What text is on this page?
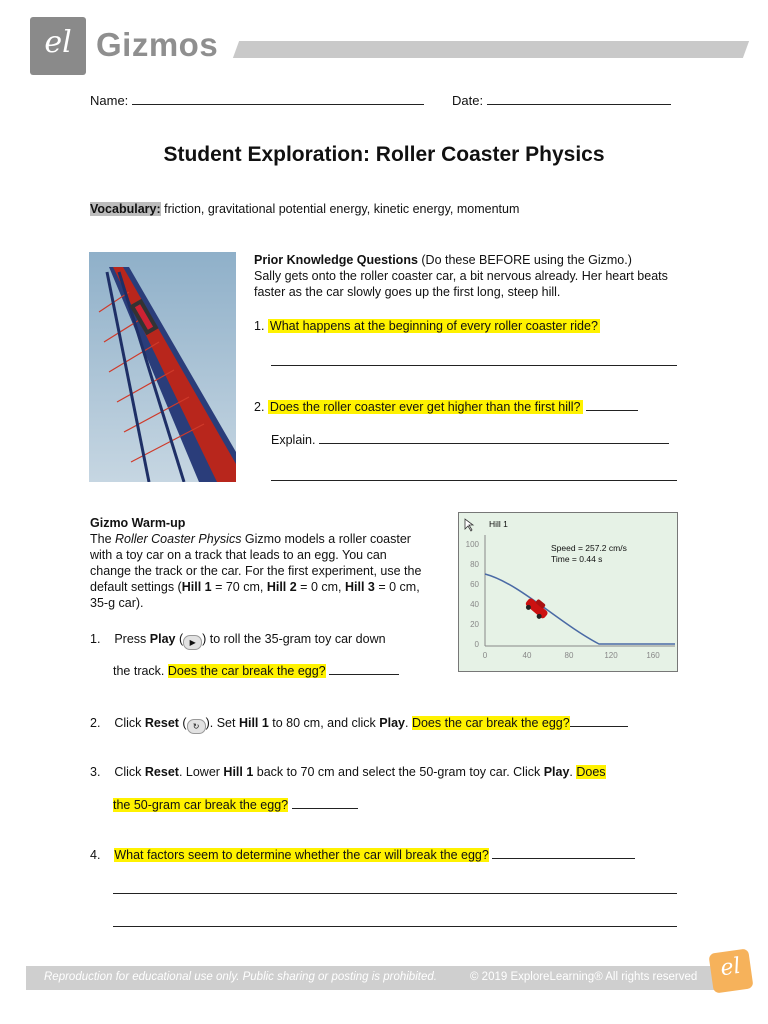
el Gizmos
Name:	Date:
Student Exploration: Roller Coaster Physics
Vocabulary: friction, gravitational potential energy, kinetic energy, momentum
Prior Knowledge Questions (Do these BEFORE using the Gizmo.)
Sally gets onto the roller coaster car, a bit nervous already. Her heart beats faster as the car slowly goes up the first long, steep hill.
1. What happens at the beginning of every roller coaster ride?
2. Does the roller coaster ever get higher than the first hill?
Explain.
Gizmo Warm-up
The Roller Coaster Physics Gizmo models a roller coaster with a toy car on a track that leads to an egg. You can change the track or the car. For the first experiment, use the default settings (Hill 1 = 70 cm, Hill 2 = 0 cm, Hill 3 = 0 cm, 35-g car).
1. Press Play ( ▶ ) to roll the 35-gram toy car down
the track. Does the car break the egg?
2. Click Reset ( ↻ ). Set Hill 1 to 80 cm, and click Play. Does the car break the egg?
3. Click Reset. Lower Hill 1 back to 70 cm and select the 50-gram toy car. Click Play. Does
the 50-gram car break the egg?
4. What factors seem to determine whether the car will break the egg?
Hill 1
Speed = 257.2 cm/s
Time = 0.44 s
100
80
60
40
20
0
0	40	80	120	160
Reproduction for educational use only. Public sharing or posting is prohibited.	© 2019 ExploreLearning® All rights reserved el
